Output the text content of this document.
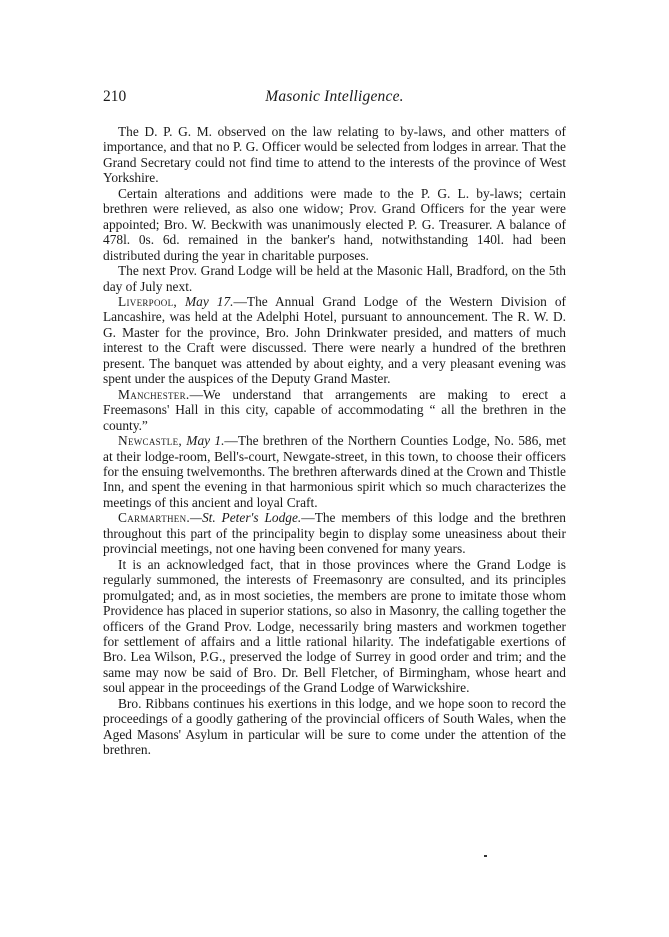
210	Masonic Intelligence.

The D. P. G. M. observed on the law relating to by-laws, and other matters of importance, and that no P. G. Officer would be selected from lodges in arrear. That the Grand Secretary could not find time to attend to the interests of the province of West Yorkshire.

Certain alterations and additions were made to the P. G. L. by-laws; certain brethren were relieved, as also one widow; Prov. Grand Officers for the year were appointed; Bro. W. Beckwith was unanimously elected P. G. Treasurer. A balance of 478l. 0s. 6d. remained in the banker's hand, notwithstanding 140l. had been distributed during the year in charitable purposes.

The next Prov. Grand Lodge will be held at the Masonic Hall, Bradford, on the 5th day of July next.

Liverpool, May 17.—The Annual Grand Lodge of the Western Division of Lancashire, was held at the Adelphi Hotel, pursuant to announcement. The R. W. D. G. Master for the province, Bro. John Drinkwater presided, and matters of much interest to the Craft were discussed. There were nearly a hundred of the brethren present. The banquet was attended by about eighty, and a very pleasant evening was spent under the auspices of the Deputy Grand Master.

Manchester.—We understand that arrangements are making to erect a Freemasons' Hall in this city, capable of accommodating “ all the brethren in the county.”

Newcastle, May 1.—The brethren of the Northern Counties Lodge, No. 586, met at their lodge-room, Bell's-court, Newgate-street, in this town, to choose their officers for the ensuing twelvemonths. The brethren afterwards dined at the Crown and Thistle Inn, and spent the evening in that harmonious spirit which so much characterizes the meetings of this ancient and loyal Craft.

Carmarthen.—St. Peter's Lodge.—The members of this lodge and the brethren throughout this part of the principality begin to display some uneasiness about their provincial meetings, not one having been convened for many years.

It is an acknowledged fact, that in those provinces where the Grand Lodge is regularly summoned, the interests of Freemasonry are consulted, and its principles promulgated; and, as in most societies, the members are prone to imitate those whom Providence has placed in superior stations, so also in Masonry, the calling together the officers of the Grand Prov. Lodge, necessarily bring masters and workmen together for settlement of affairs and a little rational hilarity. The indefatigable exertions of Bro. Lea Wilson, P.G., preserved the lodge of Surrey in good order and trim; and the same may now be said of Bro. Dr. Bell Fletcher, of Birmingham, whose heart and soul appear in the proceedings of the Grand Lodge of Warwickshire.

Bro. Ribbans continues his exertions in this lodge, and we hope soon to record the proceedings of a goodly gathering of the provincial officers of South Wales, when the Aged Masons' Asylum in particular will be sure to come under the attention of the brethren.
